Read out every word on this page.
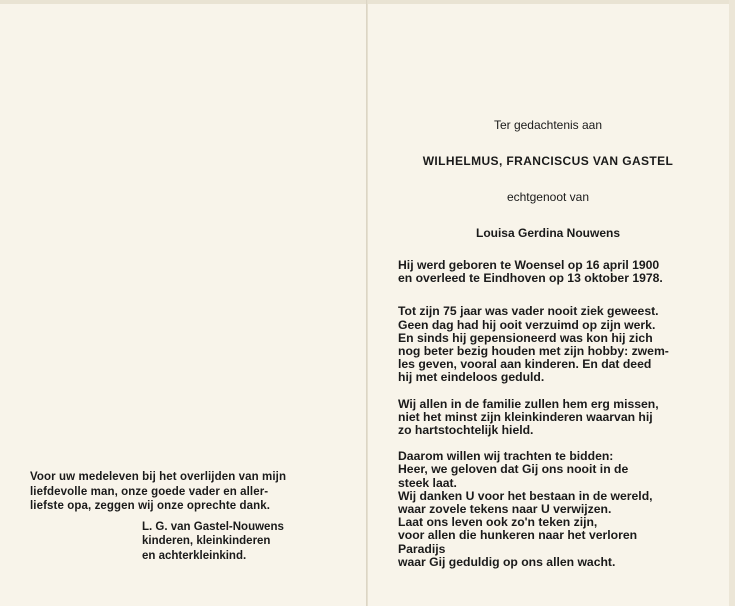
Voor uw medeleven bij het overlijden van mijn
liefdevolle man, onze goede vader en aller-
liefste opa, zeggen wij onze oprechte dank.

L. G. van Gastel-Nouwens
kinderen, kleinkinderen
en achterkleinkind.

Ter gedachtenis aan

WILHELMUS, FRANCISCUS VAN GASTEL

echtgenoot van

Louisa Gerdina Nouwens

Hij werd geboren te Woensel op 16 april 1900
en overleed te Eindhoven op 13 oktober 1978.

Tot zijn 75 jaar was vader nooit ziek geweest.
Geen dag had hij ooit verzuimd op zijn werk.
En sinds hij gepensioneerd was kon hij zich
nog beter bezig houden met zijn hobby: zwem-
les geven, vooral aan kinderen. En dat deed
hij met eindeloos geduld.

Wij allen in de familie zullen hem erg missen,
niet het minst zijn kleinkinderen waarvan hij
zo hartstochtelijk hield.

Daarom willen wij trachten te bidden:
Heer, we geloven dat Gij ons nooit in de
steek laat.
Wij danken U voor het bestaan in de wereld,
waar zovele tekens naar U verwijzen.
Laat ons leven ook zo'n teken zijn,
voor allen die hunkeren naar het verloren
Paradijs
waar Gij geduldig op ons allen wacht.
